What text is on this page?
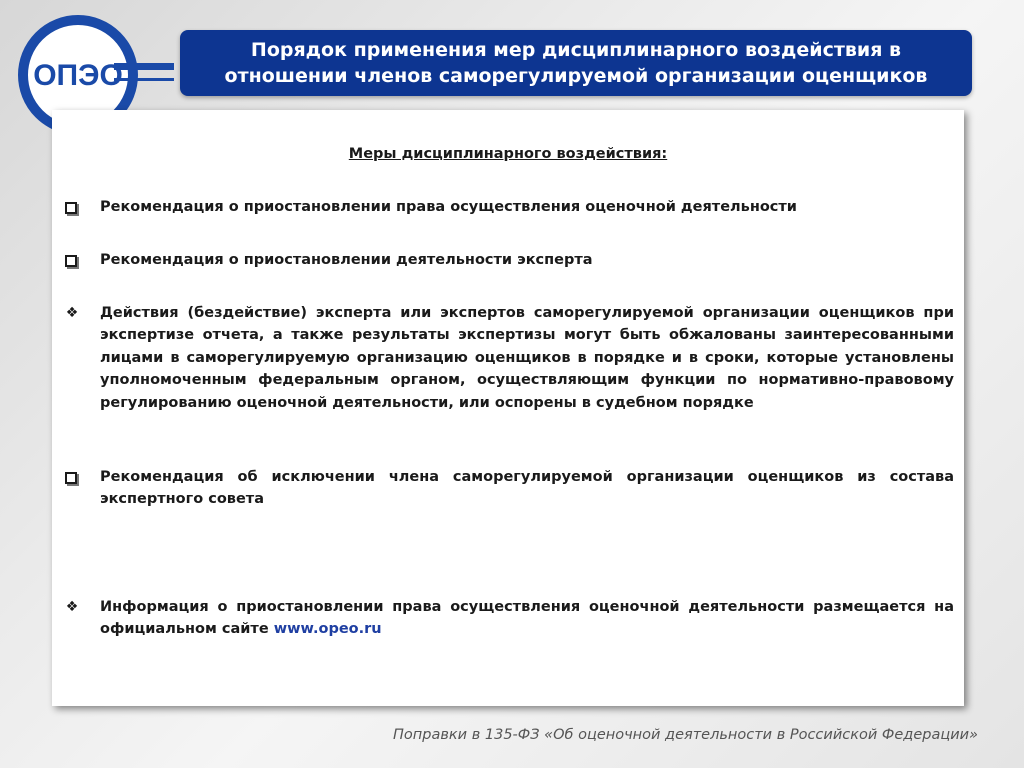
ОПЭО
Порядок применения мер дисциплинарного воздействия в
отношении членов саморегулируемой организации оценщиков
Меры дисциплинарного воздействия:
Рекомендация о приостановлении права осуществления оценочной деятельности
Рекомендация о приостановлении деятельности эксперта
❖ Действия (бездействие) эксперта или экспертов саморегулируемой организации оценщиков при экспертизе отчета, а также результаты экспертизы могут быть обжалованы заинтересованными лицами в саморегулируемую организацию оценщиков в порядке и в сроки, которые установлены уполномоченным федеральным органом, осуществляющим функции по нормативно-правовому регулированию оценочной деятельности, или оспорены в судебном порядке
Рекомендация об исключении члена саморегулируемой организации оценщиков из состава экспертного совета
❖ Информация о приостановлении права осуществления оценочной деятельности размещается на официальном сайте www.opeo.ru
Поправки в 135-ФЗ «Об оценочной деятельности в Российской Федерации»
